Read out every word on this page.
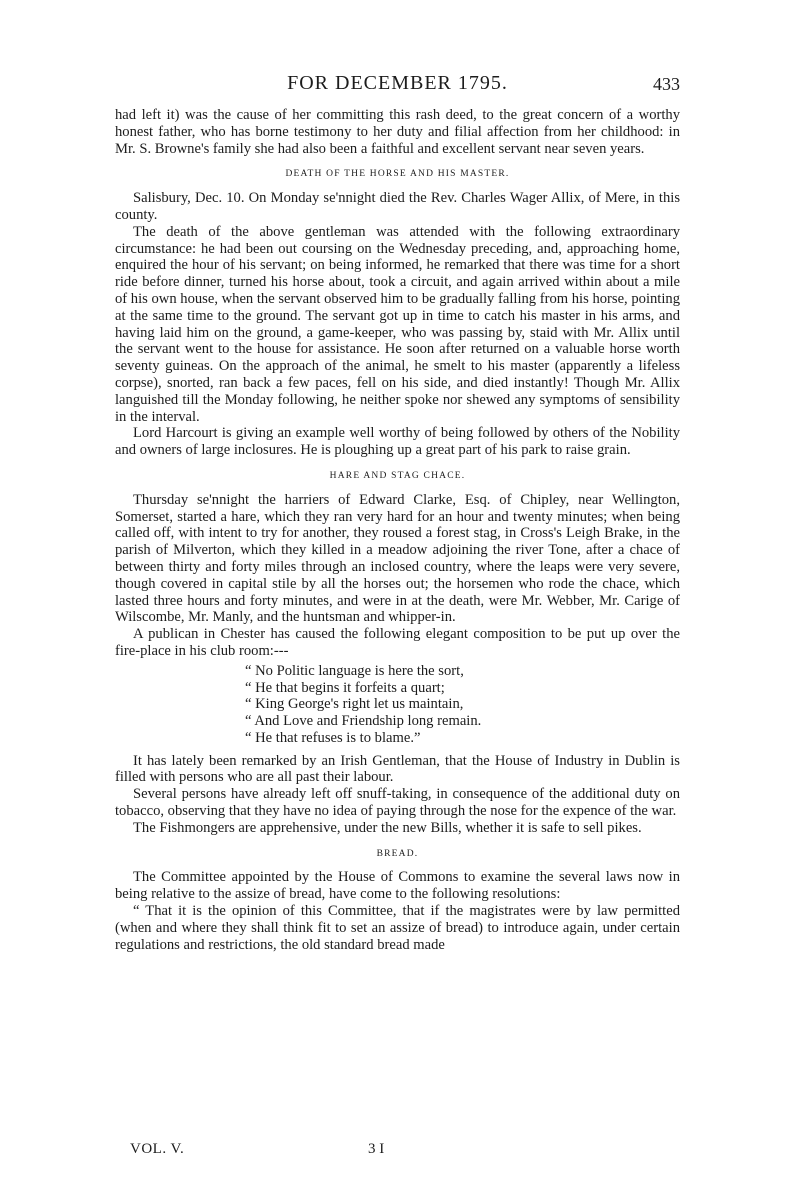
FOR DECEMBER 1795.	433

had left it) was the cause of her committing this rash deed, to the great concern of a worthy honest father, who has borne testimony to her duty and filial affection from her childhood: in Mr. S. Browne's family she had also been a faithful and excellent servant near seven years.

DEATH OF THE HORSE AND HIS MASTER.

Salisbury, Dec. 10. On Monday se'nnight died the Rev. Charles Wager Allix, of Mere, in this county.

The death of the above gentleman was attended with the following extraordinary circumstance: he had been out coursing on the Wednesday preceding, and, approaching home, enquired the hour of his servant; on being informed, he remarked that there was time for a short ride before dinner, turned his horse about, took a circuit, and again arrived within about a mile of his own house, when the servant observed him to be gradually falling from his horse, pointing at the same time to the ground. The servant got up in time to catch his master in his arms, and having laid him on the ground, a game-keeper, who was passing by, staid with Mr. Allix until the servant went to the house for assistance. He soon after returned on a valuable horse worth seventy guineas. On the approach of the animal, he smelt to his master (apparently a lifeless corpse), snorted, ran back a few paces, fell on his side, and died instantly! Though Mr. Allix languished till the Monday following, he neither spoke nor shewed any symptoms of sensibility in the interval.

Lord Harcourt is giving an example well worthy of being followed by others of the Nobility and owners of large inclosures. He is ploughing up a great part of his park to raise grain.

HARE AND STAG CHACE.

Thursday se'nnight the harriers of Edward Clarke, Esq. of Chipley, near Wellington, Somerset, started a hare, which they ran very hard for an hour and twenty minutes; when being called off, with intent to try for another, they roused a forest stag, in Cross's Leigh Brake, in the parish of Milverton, which they killed in a meadow adjoining the river Tone, after a chace of between thirty and forty miles through an inclosed country, where the leaps were very severe, though covered in capital stile by all the horses out; the horsemen who rode the chace, which lasted three hours and forty minutes, and were in at the death, were Mr. Webber, Mr. Carige of Wilscombe, Mr. Manly, and the huntsman and whipper-in.

A publican in Chester has caused the following elegant composition to be put up over the fire-place in his club room:---

“ No Politic language is here the sort,
“ He that begins it forfeits a quart;
“ King George's right let us maintain,
“ And Love and Friendship long remain.
“ He that refuses is to blame.”

It has lately been remarked by an Irish Gentleman, that the House of Industry in Dublin is filled with persons who are all past their labour.

Several persons have already left off snuff-taking, in consequence of the additional duty on tobacco, observing that they have no idea of paying through the nose for the expence of the war.

The Fishmongers are apprehensive, under the new Bills, whether it is safe to sell pikes.

BREAD.

The Committee appointed by the House of Commons to examine the several laws now in being relative to the assize of bread, have come to the following resolutions:

“ That it is the opinion of this Committee, that if the magistrates were by law permitted (when and where they shall think fit to set an assize of bread) to introduce again, under certain regulations and restrictions, the old standard bread made

VOL. V.	3 I
